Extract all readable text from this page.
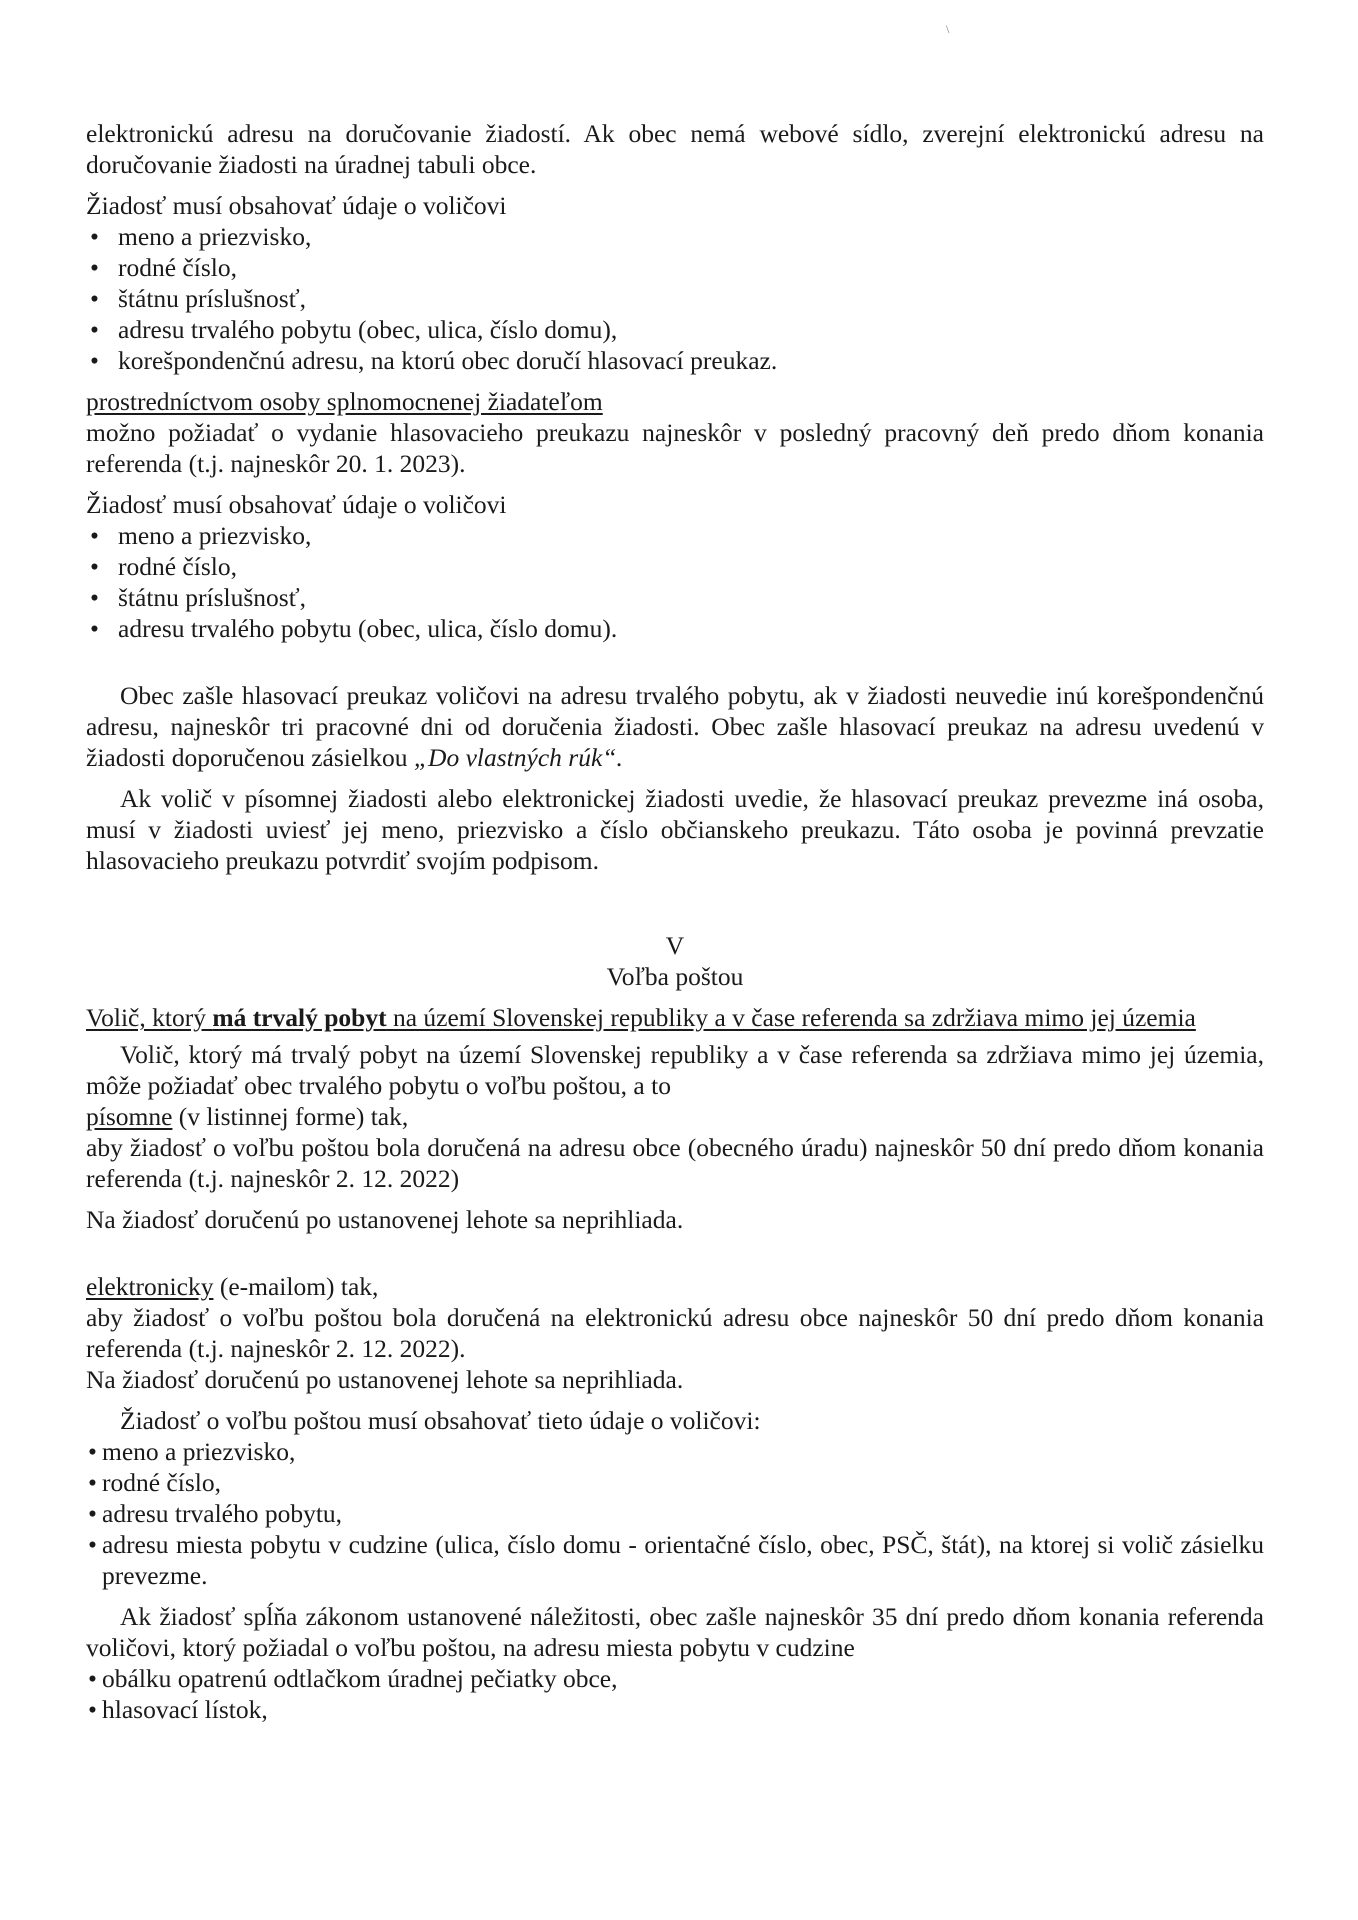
\

elektronickú adresu na doručovanie žiadostí. Ak obec nemá webové sídlo, zverejní elektronickú adresu na doručovanie žiadosti na úradnej tabuli obce.

Žiadosť musí obsahovať údaje o voličovi

• meno a priezvisko,
• rodné číslo,
• štátnu príslušnosť,
• adresu trvalého pobytu (obec, ulica, číslo domu),
• korešpondenčnú adresu, na ktorú obec doručí hlasovací preukaz.

prostredníctvom osoby splnomocnenej žiadateľom

možno požiadať o vydanie hlasovacieho preukazu najneskôr v posledný pracovný deň predo dňom konania referenda (t.j. najneskôr 20. 1. 2023).

Žiadosť musí obsahovať údaje o voličovi

• meno a priezvisko,
• rodné číslo,
• štátnu príslušnosť,
• adresu trvalého pobytu (obec, ulica, číslo domu).

Obec zašle hlasovací preukaz voličovi na adresu trvalého pobytu, ak v žiadosti neuvedie inú korešpondenčnú adresu, najneskôr tri pracovné dni od doručenia žiadosti. Obec zašle hlasovací preukaz na adresu uvedenú v žiadosti doporučenou zásielkou „Do vlastných rúk“.

Ak volič v písomnej žiadosti alebo elektronickej žiadosti uvedie, že hlasovací preukaz prevezme iná osoba, musí v žiadosti uviesť jej meno, priezvisko a číslo občianskeho preukazu. Táto osoba je povinná prevzatie hlasovacieho preukazu potvrdiť svojím podpisom.

V
Voľba poštou

Volič, ktorý má trvalý pobyt na území Slovenskej republiky a v čase referenda sa zdržiava mimo jej územia

Volič, ktorý má trvalý pobyt na území Slovenskej republiky a v čase referenda sa zdržiava mimo jej územia, môže požiadať obec trvalého pobytu o voľbu poštou, a to

písomne (v listinnej forme) tak,

aby žiadosť o voľbu poštou bola doručená na adresu obce (obecného úradu) najneskôr 50 dní predo dňom konania referenda (t.j. najneskôr 2. 12. 2022)

Na žiadosť doručenú po ustanovenej lehote sa neprihliada.

elektronicky (e-mailom) tak,

aby žiadosť o voľbu poštou bola doručená na elektronickú adresu obce najneskôr 50 dní predo dňom konania referenda (t.j. najneskôr 2. 12. 2022).

Na žiadosť doručenú po ustanovenej lehote sa neprihliada.

Žiadosť o voľbu poštou musí obsahovať tieto údaje o voličovi:

• meno a priezvisko,
• rodné číslo,
• adresu trvalého pobytu,
• adresu miesta pobytu v cudzine (ulica, číslo domu - orientačné číslo, obec, PSČ, štát), na ktorej si volič zásielku prevezme.

Ak žiadosť spĺňa zákonom ustanovené náležitosti, obec zašle najneskôr 35 dní predo dňom konania referenda voličovi, ktorý požiadal o voľbu poštou, na adresu miesta pobytu v cudzine

• obálku opatrenú odtlačkom úradnej pečiatky obce,
• hlasovací lístok,
